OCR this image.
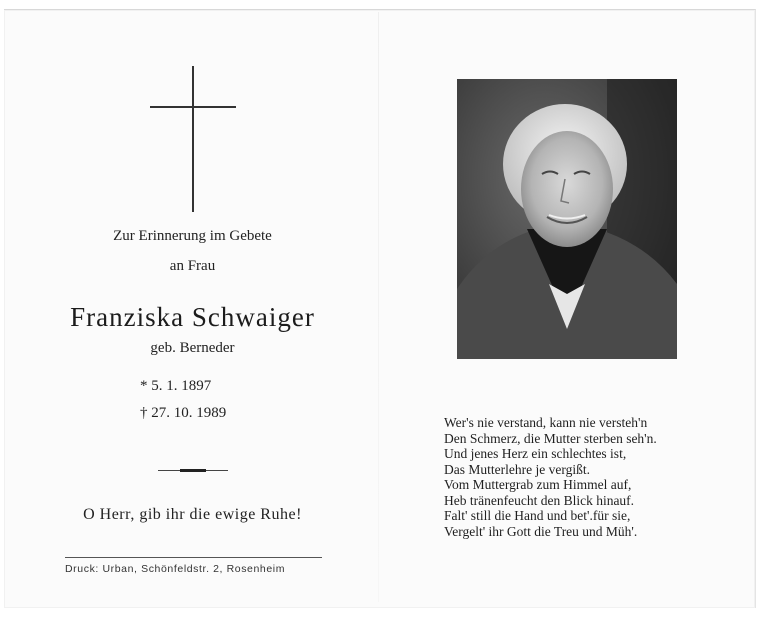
Zur Erinnerung im Gebete
an Frau
Franziska Schwaiger
geb. Berneder
* 5. 1. 1897
† 27. 10. 1989
O Herr, gib ihr die ewige Ruhe!
Druck: Urban, Schönfeldstr. 2, Rosenheim
Wer's nie verstand, kann nie versteh'n
Den Schmerz, die Mutter sterben seh'n.
Und jenes Herz ein schlechtes ist,
Das Mutterlehre je vergißt.
Vom Muttergrab zum Himmel auf,
Heb tränenfeucht den Blick hinauf.
Falt' still die Hand und bet'.für sie,
Vergelt' ihr Gott die Treu und Müh'.
